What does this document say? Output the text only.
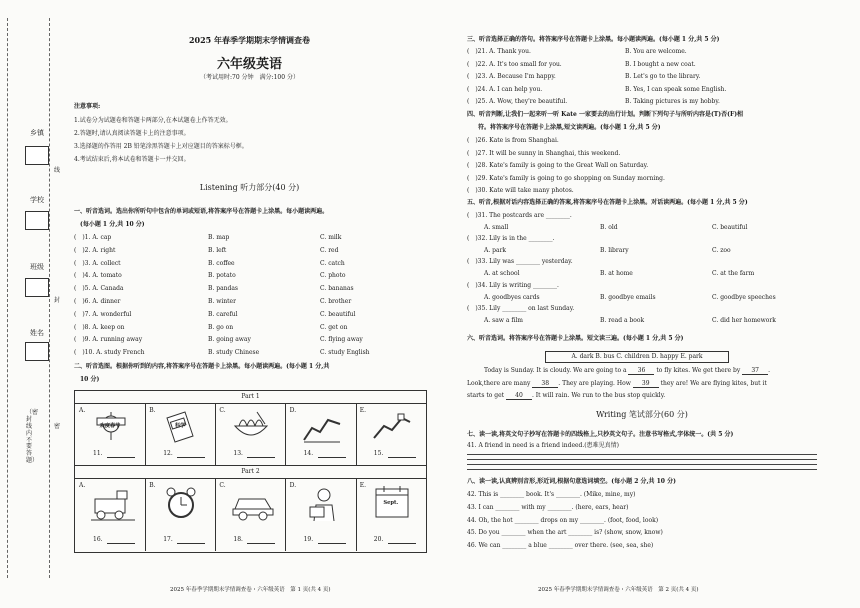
乡镇
学校
班级
姓名
线
封
密
（密封线内不要答题）
2025 年春季学期期末学情调查卷
六年级英语
（考试用时:70 分钟　满分:100 分）
注意事项:
1.试卷分为试题卷和答题卡两部分,在本试题卷上作答无效。
2.答题时,请认真阅读答题卡上的注意事项。
3.选择题的作答用 2B 铅笔涂黑答题卡上对应题目的答案标号框。
4.考试结束后,将本试卷和答题卡一并交回。
Listening 听力部分(40 分)
一、听音选词。选出你所听句中包含的单词或短语,将答案序号在答题卡上涂黑。每小题读两遍。
(每小题 1 分,共 10 分)
(　)1. A. cap	B. map	C. milk
(　)2. A. right	B. left	C. red
(　)3. A. collect	B. coffee	C. catch
(　)4. A. tomato	B. potato	C. photo
(　)5. A. Canada	B. pandas	C. bananas
(　)6. A. dinner	B. winter	C. brother
(　)7. A. wonderful	B. careful	C. beautiful
(　)8. A. keep on	B. go on	C. get on
(　)9. A. running away	B. going away	C. flying away
(　)10. A. study French	B. study Chinese	C. study English
二、听音选图。根据你听到的内容,将答案序号在答题卡上涂黑。每小题读两遍。(每小题 1 分,共
10 分)
Part 1
A.
欢度春节
11.
B.
科学
12.
C.
13.
D.
14.
E.
15.
Part 2
A.
16.
B.
17.
C.
18.
D.
19.
E.
Sept.
20.
2025 年春季学期期末学情调查卷・六年级英语　第 1 页(共 4 页)
三、听音选择正确的答句。将答案序号在答题卡上涂黑。每小题读两遍。(每小题 1 分,共 5 分)
(　)21. A. Thank you.	B. You are welcome.
(　)22. A. It's too small for you.	B. I bought a new coat.
(　)23. A. Because I'm happy.	B. Let's go to the library.
(　)24. A. I can help you.	B. Yes, I can speak some English.
(　)25. A. Wow, they're beautiful.	B. Taking pictures is my hobby.
四、听音判断,让我们一起来听一听 Kate 一家要去的出行计划。判断下列句子与所听内容是(T)否(F)相
符。将答案序号在答题卡上涂黑,短文读两遍。(每小题 1 分,共 5 分)
(　)26. Kate is from Shanghai.
(　)27. It will be sunny in Shanghai, this weekend.
(　)28. Kate's family is going to the Great Wall on Saturday.
(　)29. Kate's family is going to go shopping on Sunday morning.
(　)30. Kate will take many photos.
五、听音,根据对话内容选择正确的答案,将答案序号在答题卡上涂黑。对话读两遍。(每小题 1 分,共 5 分)
(　)31. The postcards are ________.
A. small	B. old	C. beautiful
(　)32. Lily is in the ________.
A. park	B. library	C. zoo
(　)33. Lily was ________ yesterday.
A. at school	B. at home	C. at the farm
(　)34. Lily is writing ________.
A. goodbyes cards	B. goodbye emails	C. goodbye speeches
(　)35. Lily ________ on last Sunday.
A. saw a film	B. read a book	C. did her homework
六、听音选词。将答案序号在答题卡上涂黑。短文读三遍。(每小题 1 分,共 5 分)
A. dark B. bus C. children D. happy E. park
Today is Sunday. It is cloudy. We are going to a 36 to fly kites. We get there by 37 .
Look,there are many 38 . They are playing. How 39 they are! We are flying kites, but it
starts to get 40 . It will rain. We run to the bus stop quickly.
Writing 笔试部分(60 分)
七、读一读,将英文句子抄写在答题卡的四线格上,只抄英文句子。注意书写格式,字体统一。(共 5 分)
41. A friend in need is a friend indeed.(患难见真情)
八、读一读,认真辨别音形,形近词,根据句意选词填空。(每小题 2 分,共 10 分)
42. This is ________ book. It's ________. (Mike, mine, my)
43. I can ________ with my ________. (here, ears, hear)
44. Oh, the hot ________ drops on my ________. (foot, food, look)
45. Do you ________ when the art ________ is? (show, snow, know)
46. We can ________ a blue ________ over there. (see, sea, she)
2025 年春季学期期末学情调查卷・六年级英语　第 2 页(共 4 页)
